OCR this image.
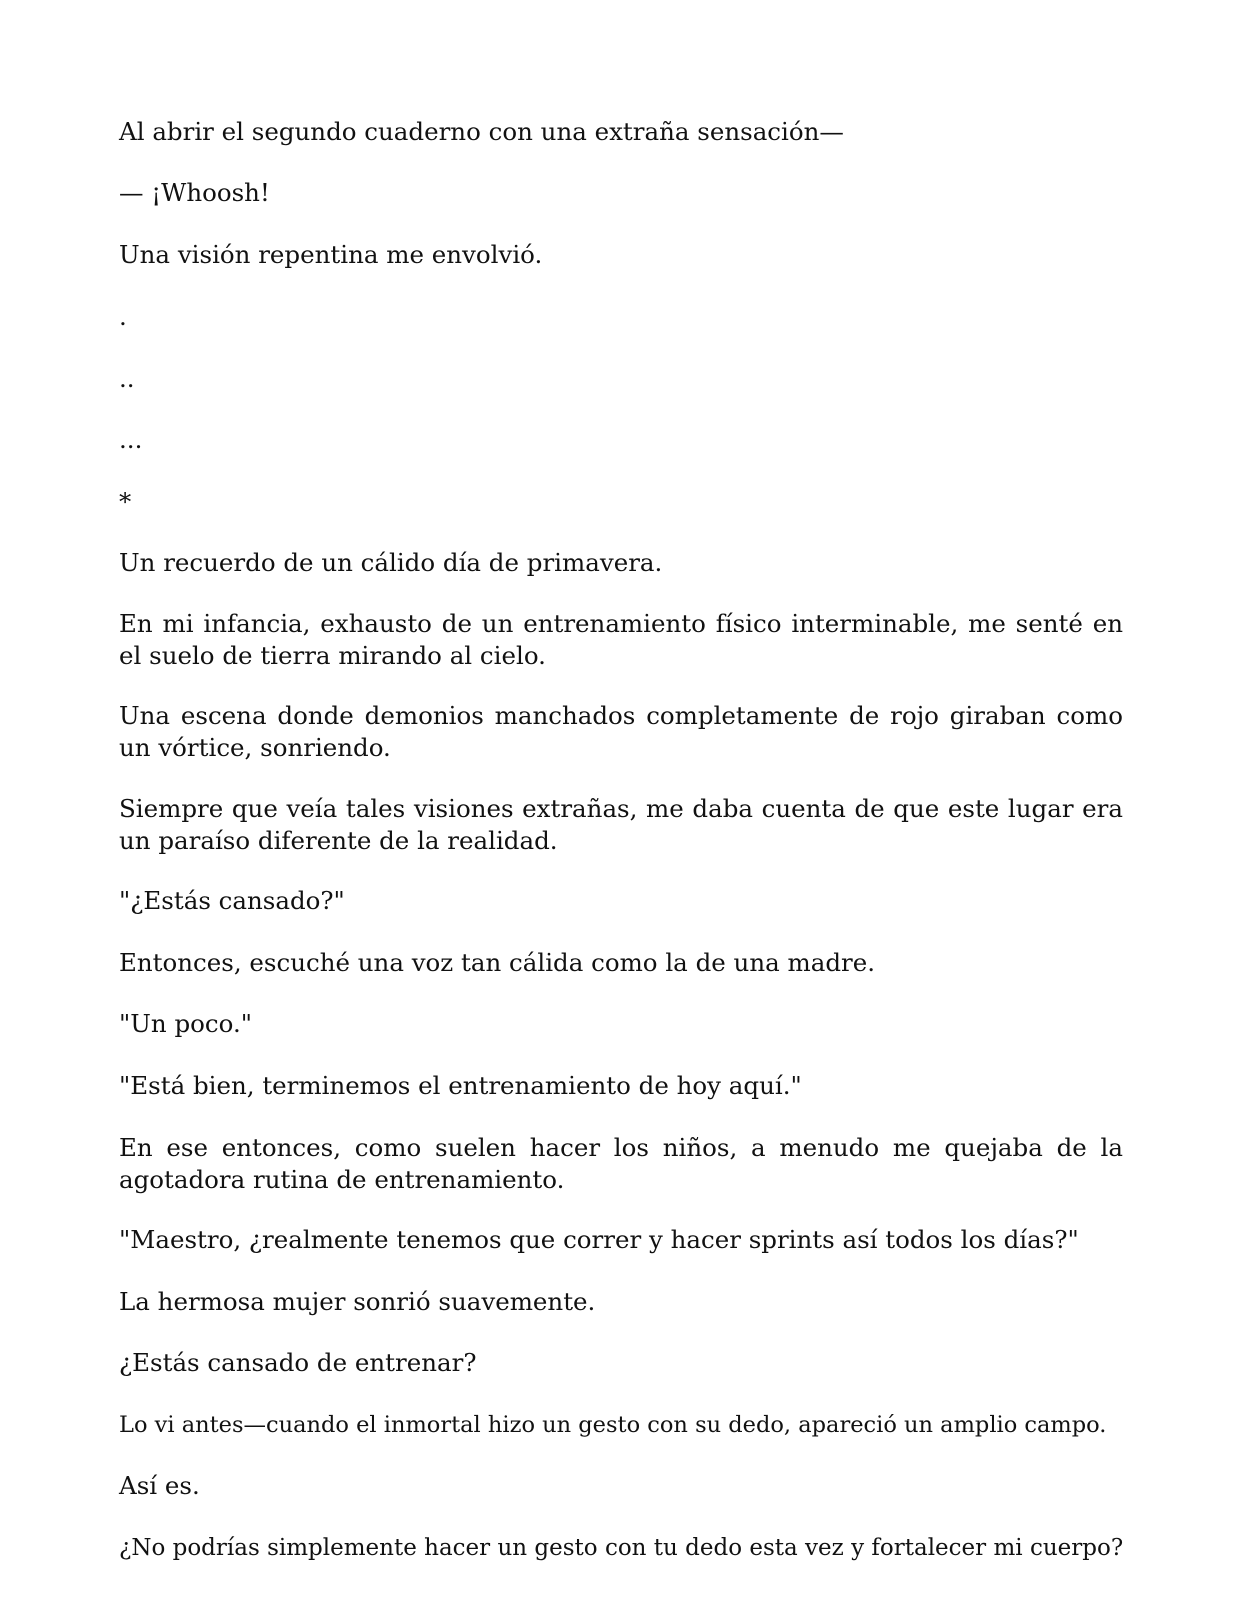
Al abrir el segundo cuaderno con una extraña sensación—

— ¡Whoosh!

Una visión repentina me envolvió.

.

..

...

*

Un recuerdo de un cálido día de primavera.

En mi infancia, exhausto de un entrenamiento físico interminable, me senté en el suelo de tierra mirando al cielo.

Una escena donde demonios manchados completamente de rojo giraban como un vórtice, sonriendo.

Siempre que veía tales visiones extrañas, me daba cuenta de que este lugar era un paraíso diferente de la realidad.

"¿Estás cansado?"

Entonces, escuché una voz tan cálida como la de una madre.

"Un poco."

"Está bien, terminemos el entrenamiento de hoy aquí."

En ese entonces, como suelen hacer los niños, a menudo me quejaba de la agotadora rutina de entrenamiento.

"Maestro, ¿realmente tenemos que correr y hacer sprints así todos los días?"

La hermosa mujer sonrió suavemente.

¿Estás cansado de entrenar?

Lo vi antes—cuando el inmortal hizo un gesto con su dedo, apareció un amplio campo.

Así es.

¿No podrías simplemente hacer un gesto con tu dedo esta vez y fortalecer mi cuerpo?
